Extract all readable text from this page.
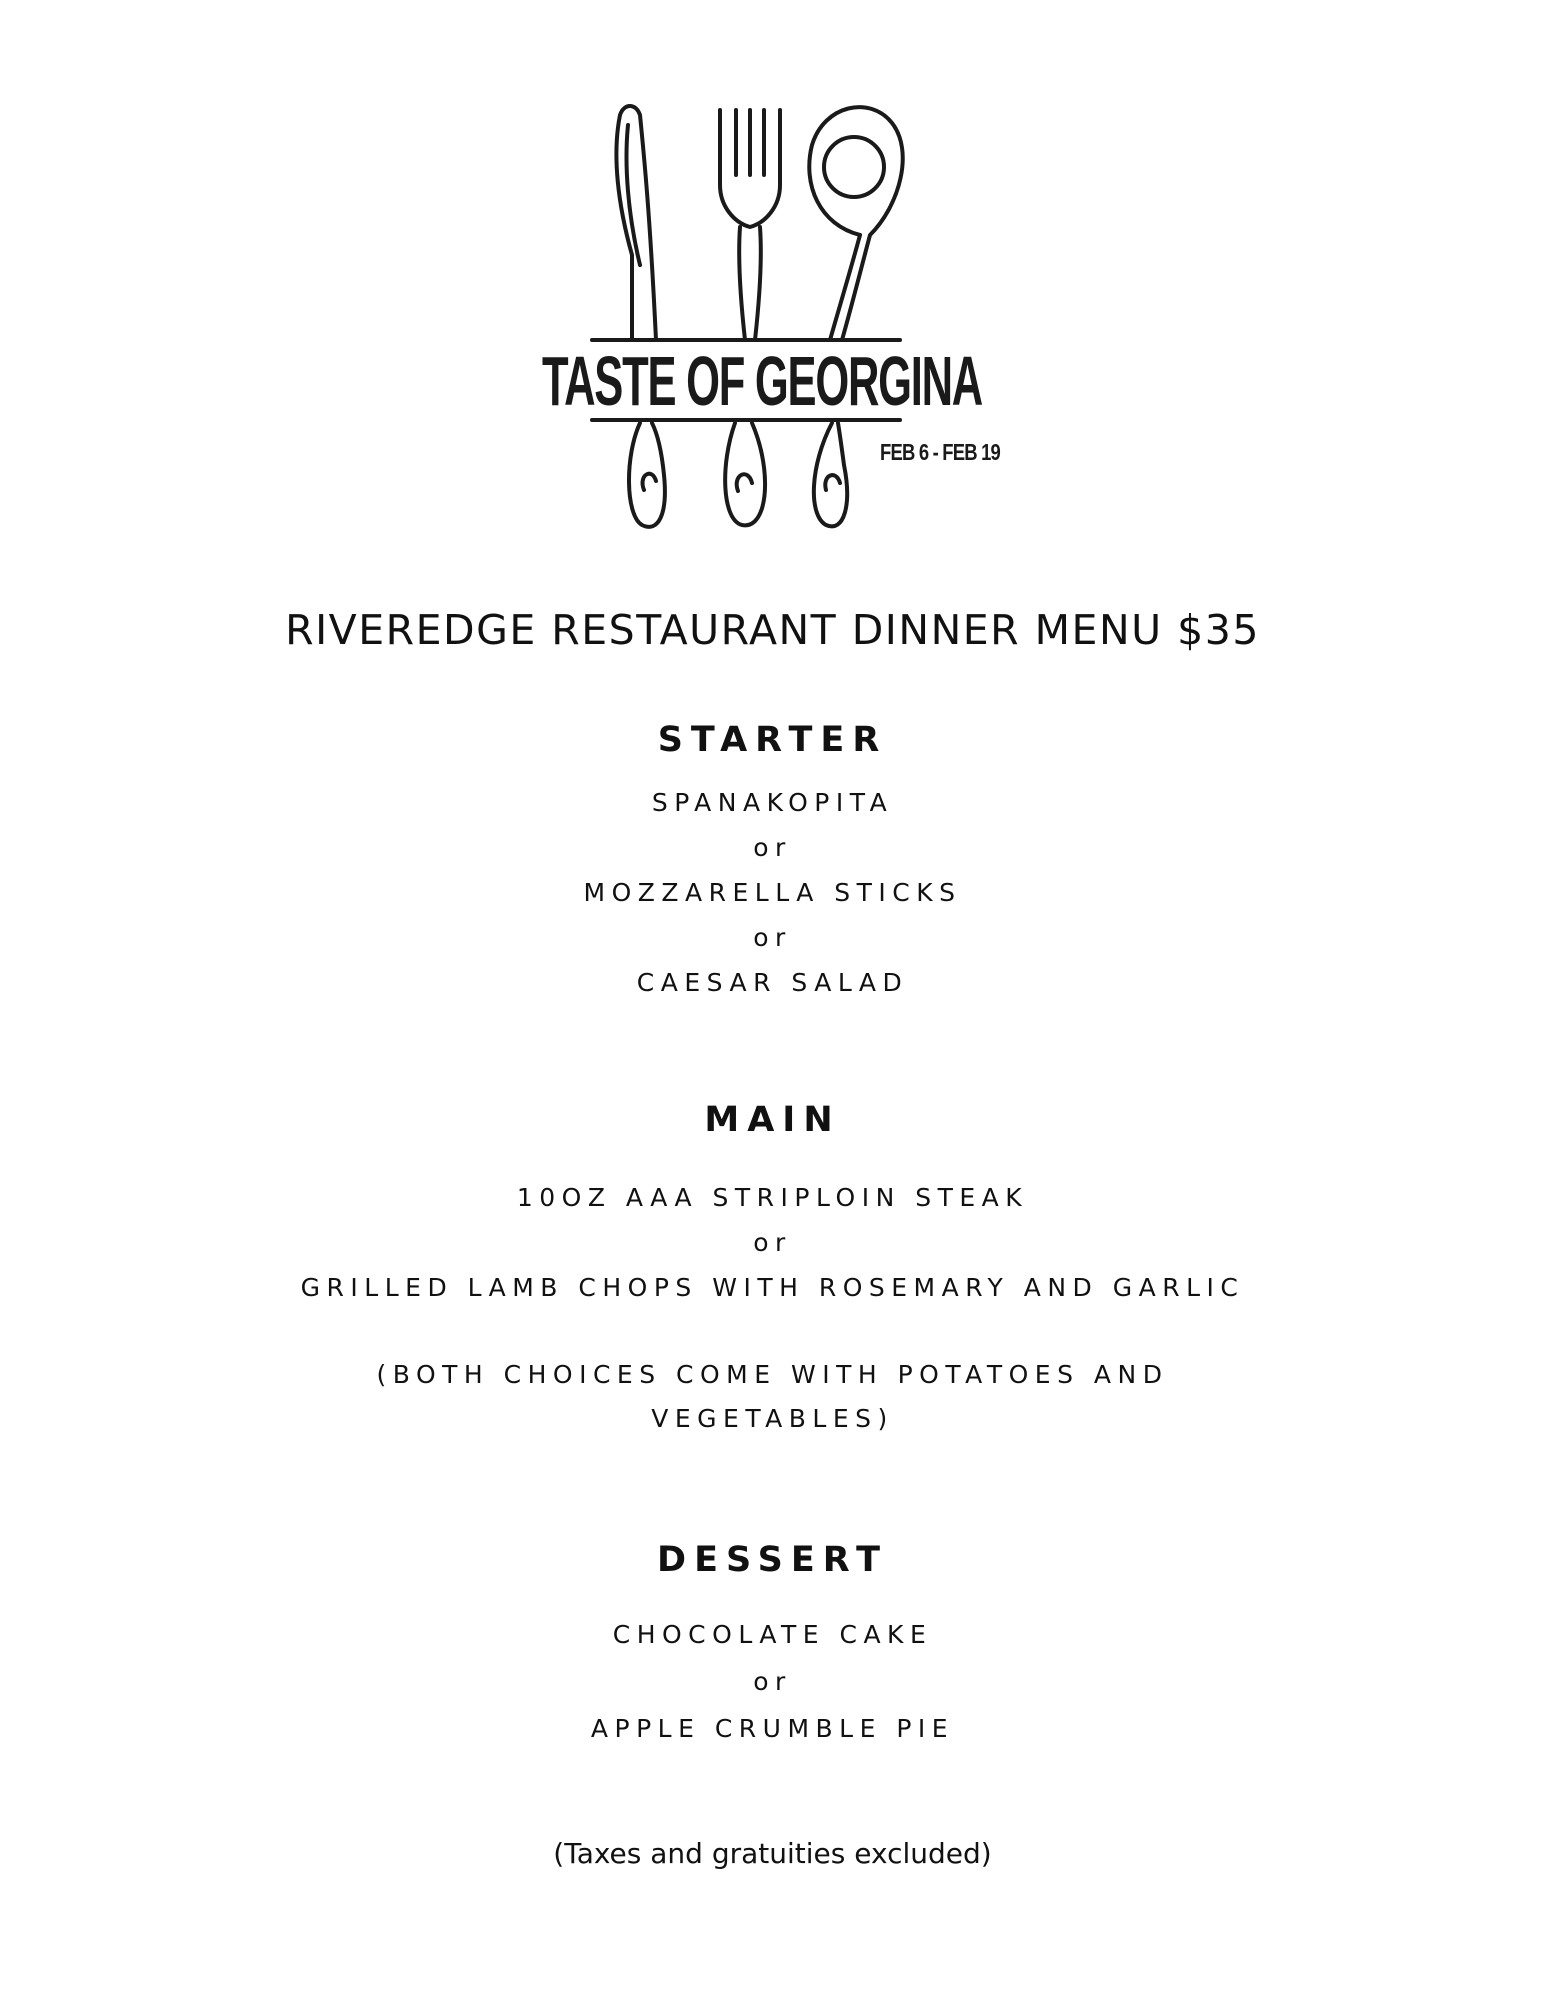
TASTE OF GEORGINA
FEB 6 - FEB 19
RIVEREDGE RESTAURANT DINNER MENU $35
STARTER
SPANAKOPITA
or
MOZZARELLA STICKS
or
CAESAR SALAD
MAIN
10OZ AAA STRIPLOIN STEAK
or
GRILLED LAMB CHOPS WITH ROSEMARY AND GARLIC
(BOTH CHOICES COME WITH POTATOES AND VEGETABLES)
DESSERT
CHOCOLATE CAKE
or
APPLE CRUMBLE PIE
(Taxes and gratuities excluded)
